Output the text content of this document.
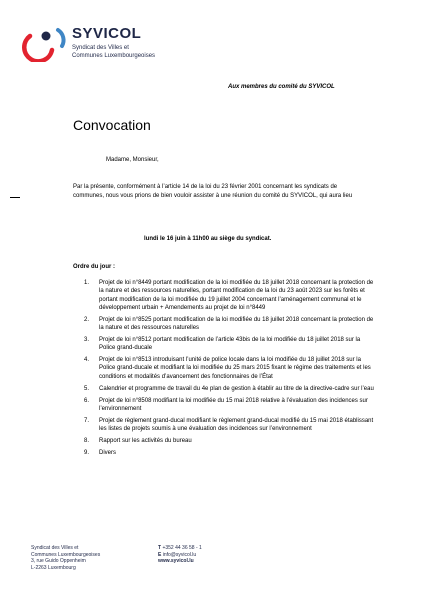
SYVICOL
Syndicat des Villes et
Communes Luxembourgeoises
Aux membres du comité du SYVICOL
Convocation
Madame, Monsieur,
Par la présente, conformément à l’article 14 de la loi du 23 février 2001 concernant les syndicats de communes, nous vous prions de bien vouloir assister à une réunion du comité du SYVICOL, qui aura lieu
lundi le 16 juin à 11h00 au siège du syndicat.
Ordre du jour :
1. Projet de loi n°8449 portant modification de la loi modifiée du 18 juillet 2018 concernant la protection de la nature et des ressources naturelles, portant modification de la loi du 23 août 2023 sur les forêts et portant modification de la loi modifiée du 19 juillet 2004 concernant l’aménagement communal et le développement urbain + Amendements au projet de loi n°8449
2. Projet de loi n°8525 portant modification de la loi modifiée du 18 juillet 2018 concernant la protection de la nature et des ressources naturelles
3. Projet de loi n°8512 portant modification de l’article 43bis de la loi modifiée du 18 juillet 2018 sur la Police grand-ducale
4. Projet de loi n°8513 introduisant l’unité de police locale dans la loi modifiée du 18 juillet 2018 sur la Police grand-ducale et modifiant la loi modifiée du 25 mars 2015 fixant le régime des traitements et les conditions et modalités d’avancement des fonctionnaires de l’État
5. Calendrier et programme de travail du 4e plan de gestion à établir au titre de la directive-cadre sur l’eau
6. Projet de loi n°8508 modifiant la loi modifiée du 15 mai 2018 relative à l’évaluation des incidences sur l’environnement
7. Projet de règlement grand-ducal modifiant le règlement grand-ducal modifié du 15 mai 2018 établissant les listes de projets soumis à une évaluation des incidences sur l’environnement
8. Rapport sur les activités du bureau
9. Divers
Syndicat des Villes et
Communes Luxembourgeoises
3, rue Guido Oppenheim
L-2263 Luxembourg
T +352 44 36 58 - 1
E info@syvicol.lu
www.syvicol.lu
